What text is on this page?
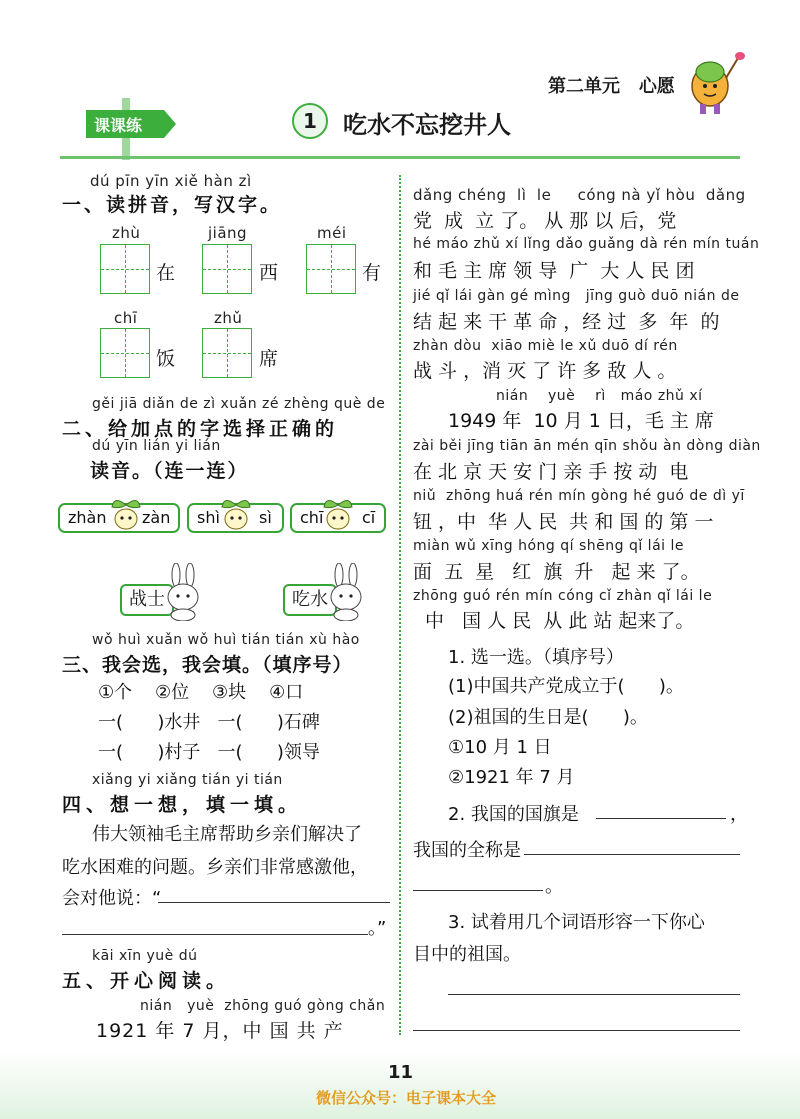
第二单元 心愿
课课练	1	吃水不忘挖井人
dú pīn yīn xiě hàn zì
一、读拼音，写汉字。
zhù
在
jiāng
西
méi
有
chī
饭
zhǔ
席
gěi jiā diǎn de zì xuǎn zé zhèng què de
二、给加点的字选择正确的
dú yīn lián yi lián
读音。（连一连）
zhàn zàn shì sì chī cī
战士	吃水
wǒ huì xuǎn wǒ huì tián tián xù hào
三、我会选，我会填。（填序号）
①个    ②位    ③块    ④口
一(      )水井   一(      )石碑
一(      )村子   一(      )领导
xiǎng yi xiǎng tián yi tián
四、想一想，填一填。
伟大领袖毛主席帮助乡亲们解决了
吃水困难的问题。乡亲们非常感激他，
会对他说：“
。”
kāi xīn yuè dú
五、开心阅读。
nián   yuè  zhōng guó gòng chǎn
1921 年 7 月，中 国 共 产
dǎng chéng  lì  le     cóng nà yǐ hòu  dǎng
党  成  立 了。 从 那 以 后，党
hé máo zhǔ xí lǐng dǎo guǎng dà rén mín tuán
和 毛 主 席 领 导  广  大 人 民 团
jié qǐ lái gàn gé mìng   jīng guò duō nián de
结 起 来 干 革 命 ，经 过  多  年  的
zhàn dòu  xiāo miè le xǔ duō dí rén
战 斗 ，消 灭 了 许 多 敌 人 。
nián    yuè    rì   máo zhǔ xí
1949 年  10 月 1 日，毛 主 席
zài běi jīng tiān ān mén qīn shǒu àn dòng diàn
在 北 京 天 安 门 亲 手 按 动  电
niǔ  zhōng huá rén mín gòng hé guó de dì yī
钮 ，中  华 人 民  共 和 国 的 第 一
miàn wǔ xīng hóng qí shēng qǐ lái le
面  五  星   红  旗  升   起 来 了。
zhōng guó rén mín cóng cǐ zhàn qǐ lái le
中   国 人 民  从 此 站 起来了。
1. 选一选。（填序号）
(1)中国共产党成立于(      )。
(2)祖国的生日是(      )。
①10 月 1 日
②1921 年 7 月
2. 我国的国旗是	，
我国的全称是
。
3. 试着用几个词语形容一下你心
目中的祖国。
11
微信公众号：电子课本大全
